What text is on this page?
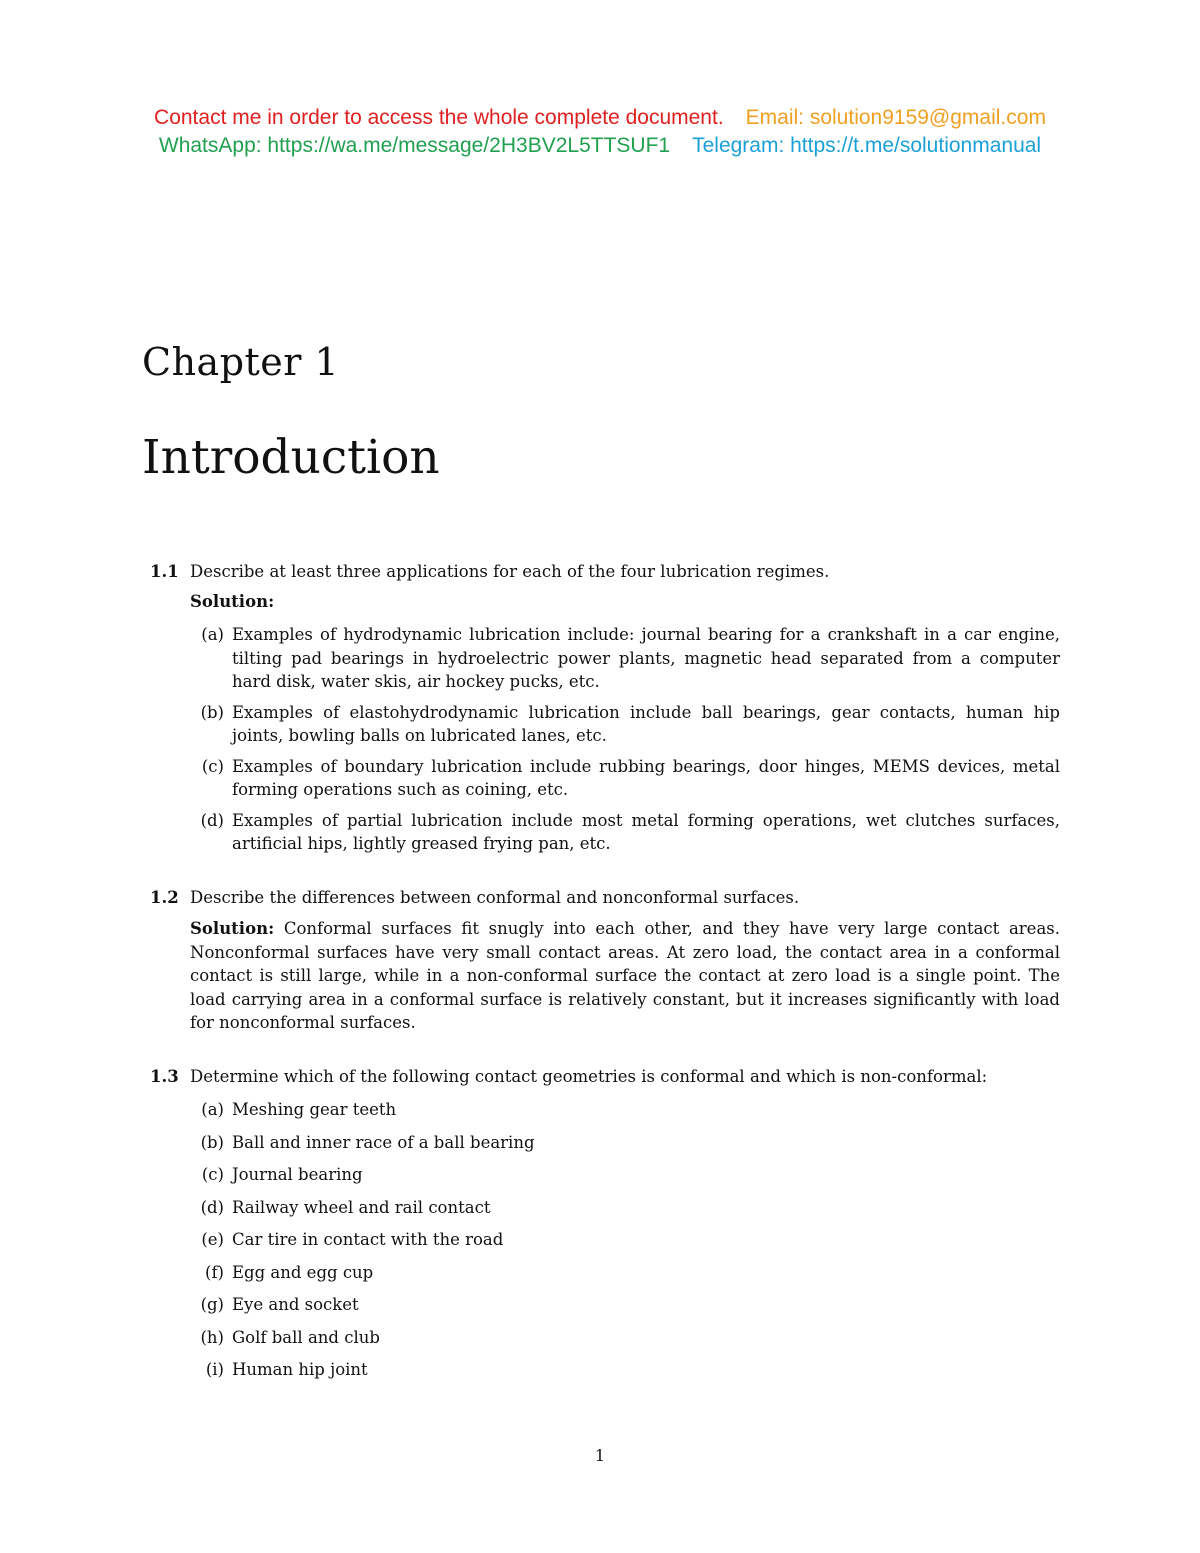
Contact me in order to access the whole complete document. Email: solution9159@gmail.com
WhatsApp: https://wa.me/message/2H3BV2L5TTSUF1 Telegram: https://t.me/solutionmanual
Chapter 1
Introduction
1.1 Describe at least three applications for each of the four lubrication regimes.
Solution:
(a) Examples of hydrodynamic lubrication include: journal bearing for a crankshaft in a car engine, tilting pad bearings in hydroelectric power plants, magnetic head separated from a computer hard disk, water skis, air hockey pucks, etc.
(b) Examples of elastohydrodynamic lubrication include ball bearings, gear contacts, human hip joints, bowling balls on lubricated lanes, etc.
(c) Examples of boundary lubrication include rubbing bearings, door hinges, MEMS devices, metal forming operations such as coining, etc.
(d) Examples of partial lubrication include most metal forming operations, wet clutches surfaces, artificial hips, lightly greased frying pan, etc.
1.2 Describe the differences between conformal and nonconformal surfaces.
Solution: Conformal surfaces fit snugly into each other, and they have very large contact areas. Nonconformal surfaces have very small contact areas. At zero load, the contact area in a conformal contact is still large, while in a non-conformal surface the contact at zero load is a single point. The load carrying area in a conformal surface is relatively constant, but it increases significantly with load for nonconformal surfaces.
1.3 Determine which of the following contact geometries is conformal and which is non-conformal:
(a) Meshing gear teeth
(b) Ball and inner race of a ball bearing
(c) Journal bearing
(d) Railway wheel and rail contact
(e) Car tire in contact with the road
(f) Egg and egg cup
(g) Eye and socket
(h) Golf ball and club
(i) Human hip joint
1
